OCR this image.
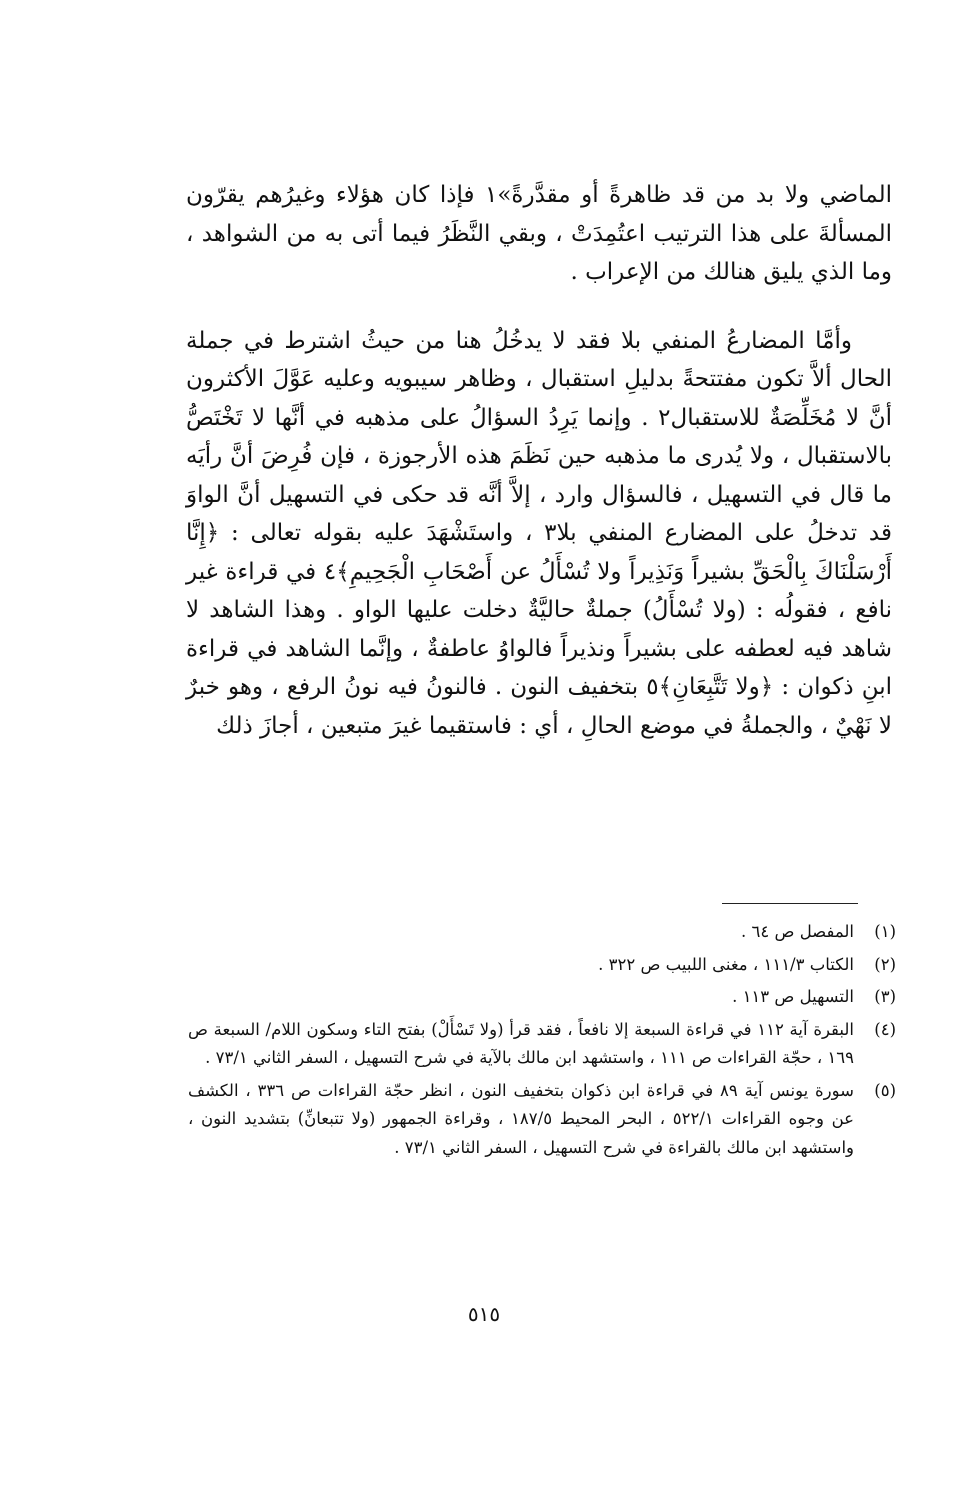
الماضي ولا بد من قد ظاهرةً أو مقدَّرةً»١ فإذا كان هؤلاء وغيرُهم يقرّون المسألةَ على هذا الترتيب اعتُمِدَتْ ، وبقي النَّظَرُ فيما أتى به من الشواهد ، وما الذي يليق هنالك من الإعراب .

وأمَّا المضارعُ المنفي بلا فقد لا يدخُلُ هنا من حيثُ اشترط في جملة الحال ألاَّ تكون مفتتحةً بدليلِ استقبال ، وظاهر سيبويه وعليه عَوَّلَ الأكثرون أنَّ لا مُخَلِّصَةٌ للاستقبال٢ . وإنما يَرِدُ السؤالُ على مذهبه في أنَّها لا تَخْتَصُّ بالاستقبال ، ولا يُدرى ما مذهبه حين نَظَمَ هذه الأرجوزة ، فإن فُرِضَ أنَّ رأيَه ما قال في التسهيل ، فالسؤال وارد ، إلاَّ أنَّه قد حكى في التسهيل أنَّ الواوَ قد تدخلُ على المضارع المنفي بلا٣ ، واستَشْهَدَ عليه بقوله تعالى : ﴿إِنَّا أَرْسَلْنَاكَ بِالْحَقِّ بشيراً وَنَذِيراً ولا تُسْأَلُ عن أَصْحَابِ الْجَحِيمِ﴾٤ في قراءة غير نافع ، فقولُه : (ولا تُسْأَلُ) جملةٌ حاليَّةٌ دخلت عليها الواو . وهذا الشاهد لا شاهد فيه لعطفه على بشيراً ونذيراً فالواوُ عاطفةٌ ، وإنَّما الشاهد في قراءة ابنِ ذكوان : ﴿ولا تَتَّبِعَانِ﴾٥ بتخفيف النون . فالنونُ فيه نونُ الرفع ، وهو خبرٌ لا نَهْيٌ ، والجملةُ في موضع الحالِ ، أي : فاستقيما غيرَ متبعين ، أجازَ ذلك

(١)
المفصل ص ٦٤ .
(٢)
الكتاب ١١١/٣ ، مغنى اللبيب ص ٣٢٢ .
(٣)
التسهيل ص ١١٣ .
(٤)
البقرة آية ١١٢ في قراءة السبعة إلا نافعاً ، فقد قرأ (ولا تَسْأَلْ) بفتح التاء وسكون اللام/ السبعة ص ١٦٩ ، حجّة القراءات ص ١١١ ، واستشهد ابن مالك بالآية في شرح التسهيل ، السفر الثاني ٧٣/١ .
(٥)
سورة يونس آية ٨٩ في قراءة ابن ذكوان بتخفيف النون ، انظر حجّة القراءات ص ٣٣٦ ، الكشف عن وجوه القراءات ٥٢٢/١ ، البحر المحيط ١٨٧/٥ ، وقراءة الجمهور (ولا تتبعانِّ) بتشديد النون ، واستشهد ابن مالك بالقراءة في شرح التسهيل ، السفر الثاني ٧٣/١ .
٥١٥
